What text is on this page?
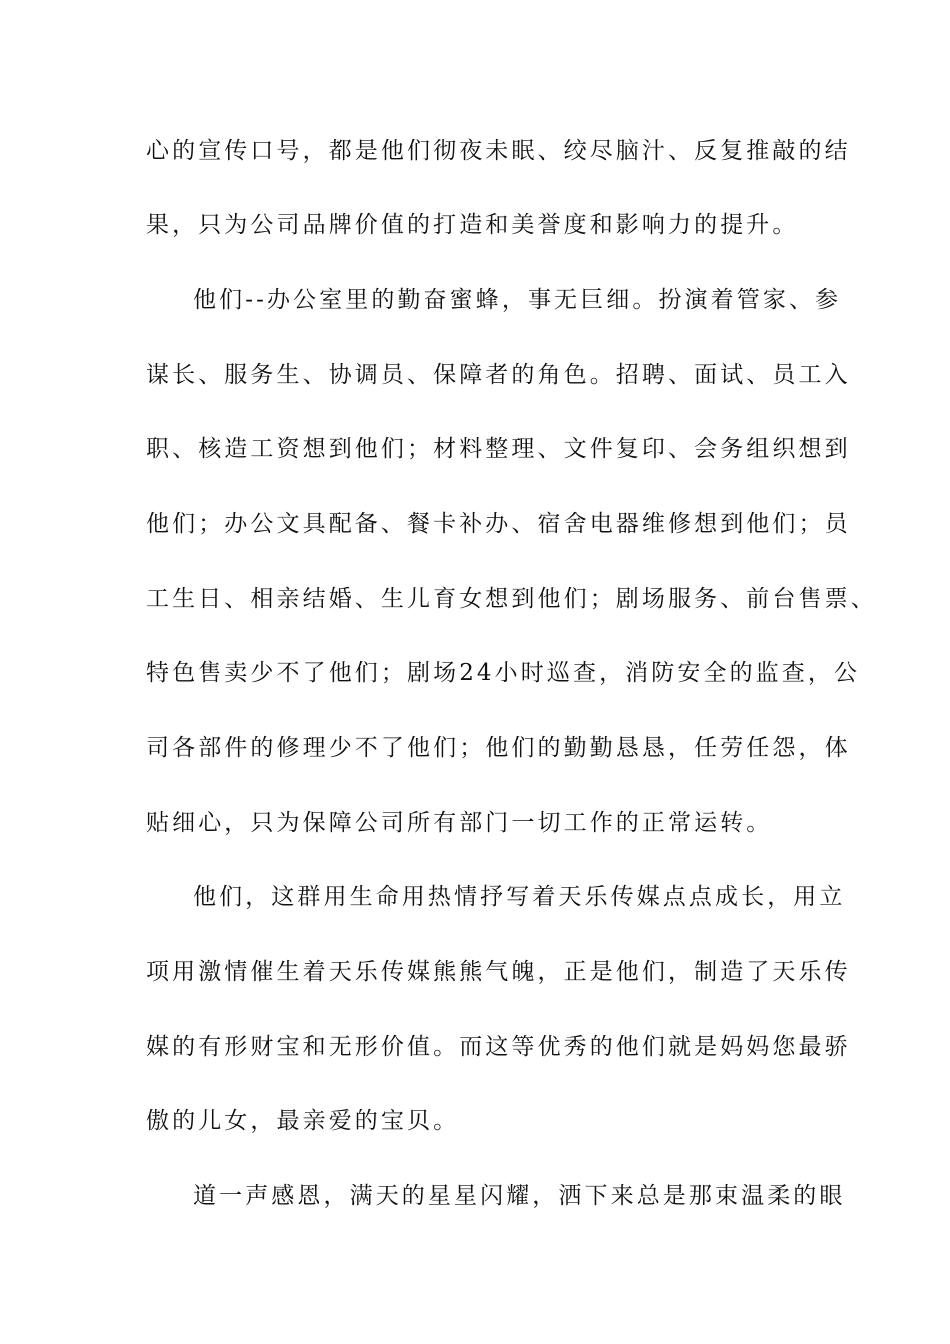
心的宣传口号，都是他们彻夜未眠、绞尽脑汁、反复推敲的结
果，只为公司品牌价值的打造和美誉度和影响力的提升。
他们--办公室里的勤奋蜜蜂，事无巨细。扮演着管家、参
谋长、服务生、协调员、保障者的角色。招聘、面试、员工入
职、核造工资想到他们；材料整理、文件复印、会务组织想到
他们；办公文具配备、餐卡补办、宿舍电器维修想到他们；员
工生日、相亲结婚、生儿育女想到他们；剧场服务、前台售票、
特色售卖少不了他们；剧场24小时巡查，消防安全的监查，公
司各部件的修理少不了他们；他们的勤勤恳恳，任劳任怨，体
贴细心，只为保障公司所有部门一切工作的正常运转。
他们，这群用生命用热情抒写着天乐传媒点点成长，用立
项用激情催生着天乐传媒熊熊气魄，正是他们，制造了天乐传
媒的有形财宝和无形价值。而这等优秀的他们就是妈妈您最骄
傲的儿女，最亲爱的宝贝。
道一声感恩，满天的星星闪耀，洒下来总是那束温柔的眼
